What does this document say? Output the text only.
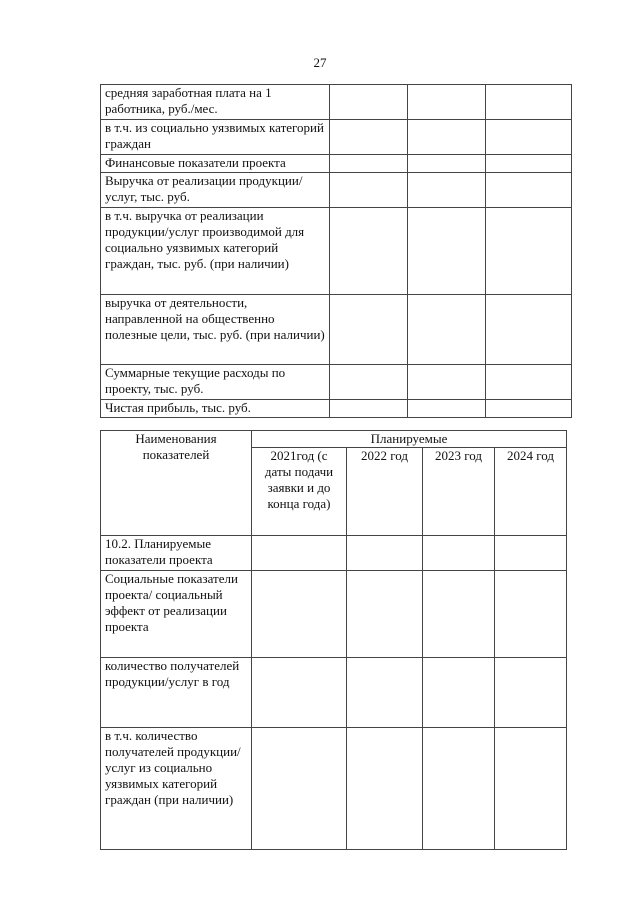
27
средняя заработная плата на 1 работника, руб./мес.			
в т.ч. из социально уязвимых категорий граждан			
Финансовые показатели проекта			
Выручка от реализации продукции/услуг, тыс. руб.			
в т.ч. выручка от реализации продукции/услуг производимой для социально уязвимых категорий граждан, тыс. руб. (при наличии)			
выручка от деятельности, направленной на общественно полезные цели, тыс. руб. (при наличии)			
Суммарные текущие расходы по проекту, тыс. руб.			
Чистая прибыль, тыс. руб.			
Наименования показателей	Планируемые			
	2021год (с даты подачи заявки и до конца года)	2022 год	2023 год	2024 год
10.2. Планируемые показатели проекта				
Социальные показатели проекта/ социальный эффект от реализации проекта				
количество получателей продукции/услуг в год				
в т.ч. количество получателей продукции/услуг из социально уязвимых категорий граждан (при наличии)				
